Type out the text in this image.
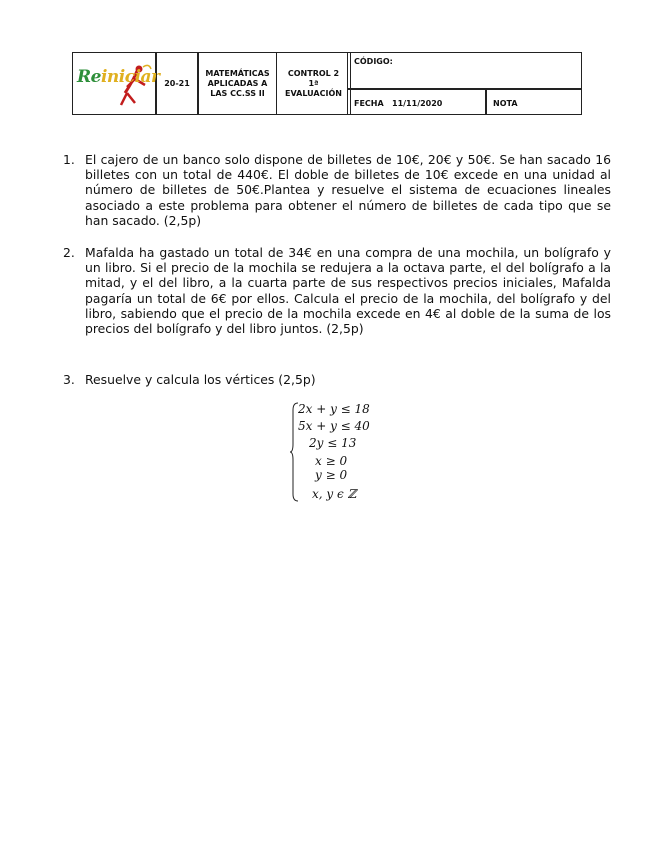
Reiniciar 20-21
MATEMÁTICAS
APLICADAS A
LAS CC.SS II
CONTROL 2
1ª
EVALUACIÓN
CÓDIGO:
FECHA 11/11/2020	NOTA
1. El cajero de un banco solo dispone de billetes de 10€, 20€ y 50€. Se han sacado 16 billetes con un total de 440€. El doble de billetes de 10€ excede en una unidad al número de billetes de 50€.Plantea y resuelve el sistema de ecuaciones lineales asociado a este problema para obtener el número de billetes de cada tipo que se han sacado. (2,5p)
2. Mafalda ha gastado un total de 34€ en una compra de una mochila, un bolígrafo y un libro. Si el precio de la mochila se redujera a la octava parte, el del bolígrafo a la mitad, y el del libro, a la cuarta parte de sus respectivos precios iniciales, Mafalda pagaría un total de 6€ por ellos. Calcula el precio de la mochila, del bolígrafo y del libro, sabiendo que el precio de la mochila excede en 4€ al doble de la suma de los precios del bolígrafo y del libro juntos. (2,5p)
3. Resuelve y calcula los vértices (2,5p)
2x + y ≤ 18
5x + y ≤ 40
2y ≤ 13
x ≥ 0
y ≥ 0
x, y ϵ ℤ
